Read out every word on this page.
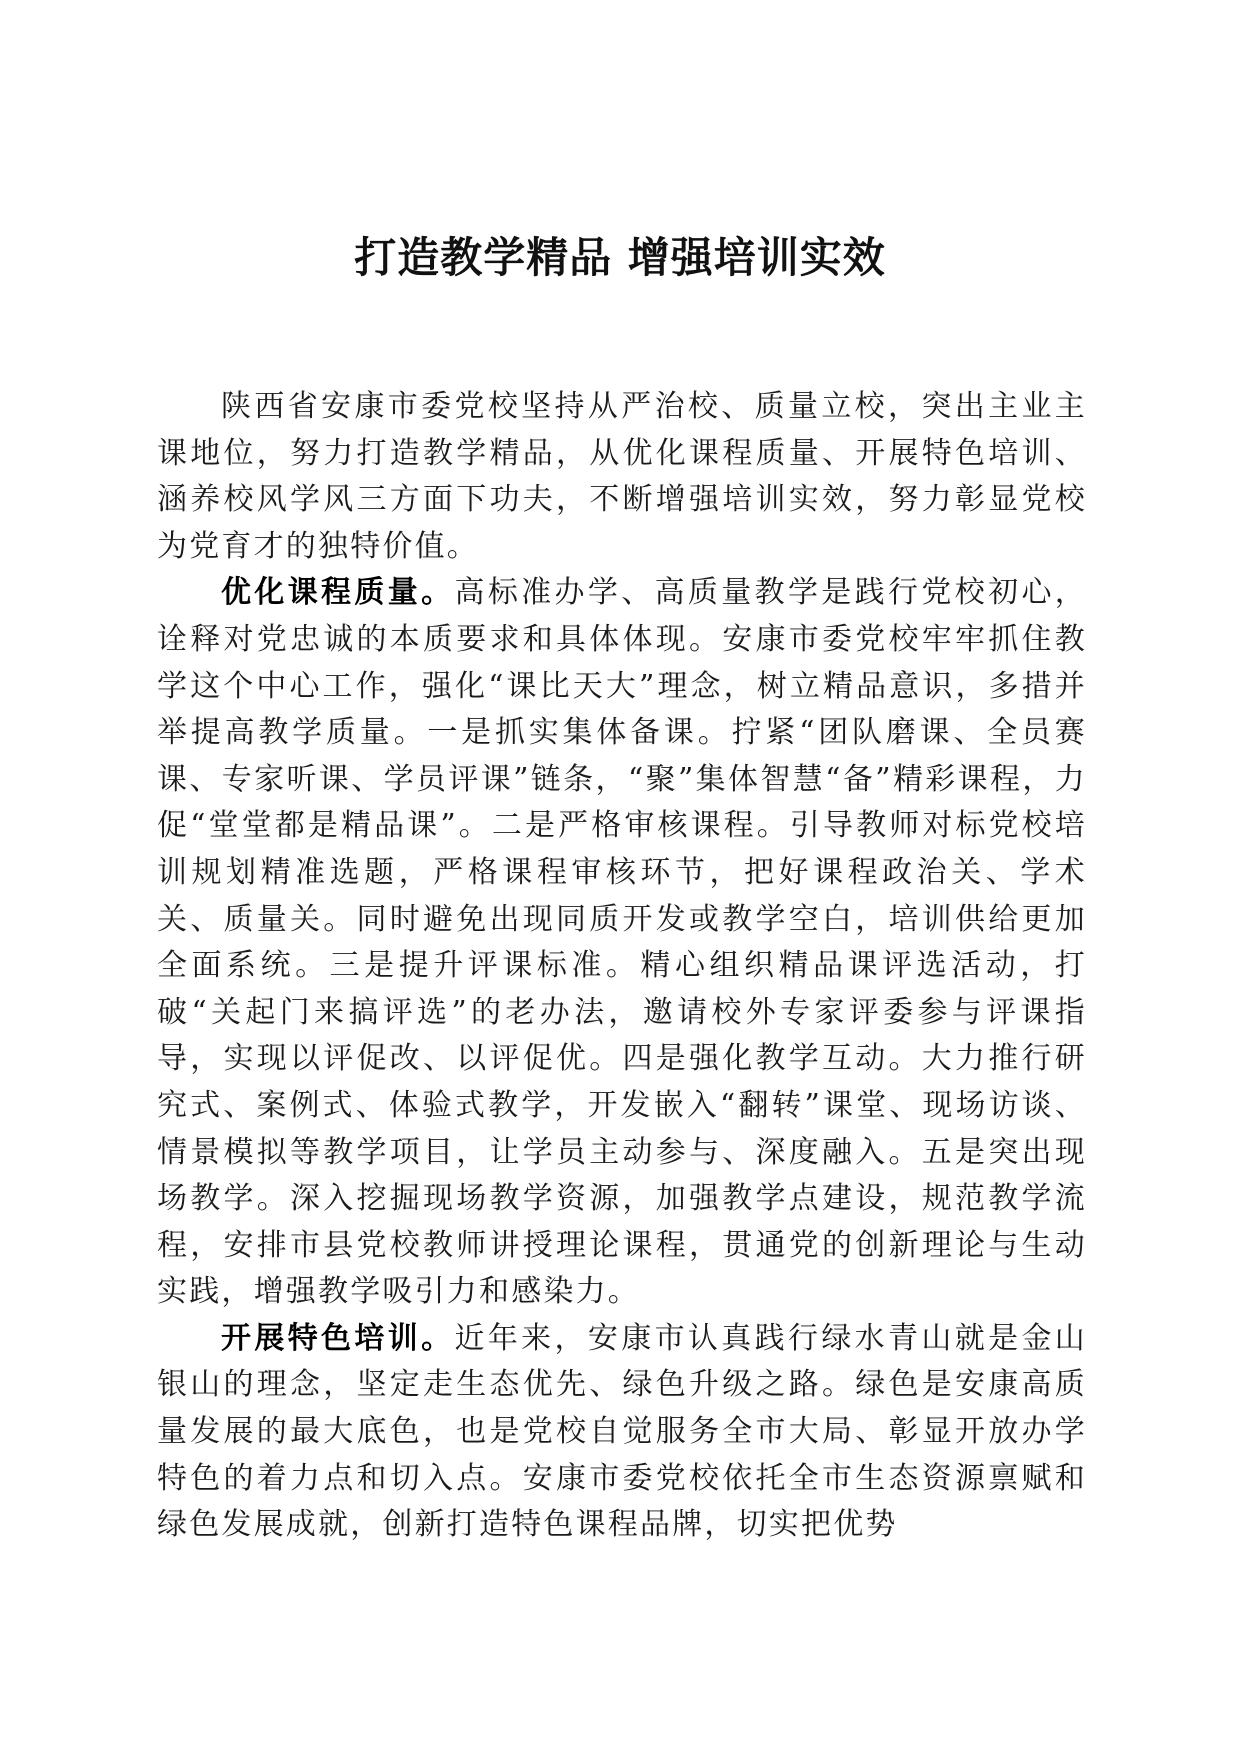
打造教学精品 增强培训实效

陕西省安康市委党校坚持从严治校、质量立校，突出主业主课地位，努力打造教学精品，从优化课程质量、开展特色培训、涵养校风学风三方面下功夫，不断增强培训实效，努力彰显党校为党育才的独特价值。

优化课程质量。高标准办学、高质量教学是践行党校初心，诠释对党忠诚的本质要求和具体体现。安康市委党校牢牢抓住教学这个中心工作，强化“课比天大”理念，树立精品意识，多措并举提高教学质量。一是抓实集体备课。拧紧“团队磨课、全员赛课、专家听课、学员评课”链条，“聚”集体智慧“备”精彩课程，力促“堂堂都是精品课”。二是严格审核课程。引导教师对标党校培训规划精准选题，严格课程审核环节，把好课程政治关、学术关、质量关。同时避免出现同质开发或教学空白，培训供给更加全面系统。三是提升评课标准。精心组织精品课评选活动，打破“关起门来搞评选”的老办法，邀请校外专家评委参与评课指导，实现以评促改、以评促优。四是强化教学互动。大力推行研究式、案例式、体验式教学，开发嵌入“翻转”课堂、现场访谈、情景模拟等教学项目，让学员主动参与、深度融入。五是突出现场教学。深入挖掘现场教学资源，加强教学点建设，规范教学流程，安排市县党校教师讲授理论课程，贯通党的创新理论与生动实践，增强教学吸引力和感染力。

开展特色培训。近年来，安康市认真践行绿水青山就是金山银山的理念，坚定走生态优先、绿色升级之路。绿色是安康高质量发展的最大底色，也是党校自觉服务全市大局、彰显开放办学特色的着力点和切入点。安康市委党校依托全市生态资源禀赋和绿色发展成就，创新打造特色课程品牌，切实把优势
